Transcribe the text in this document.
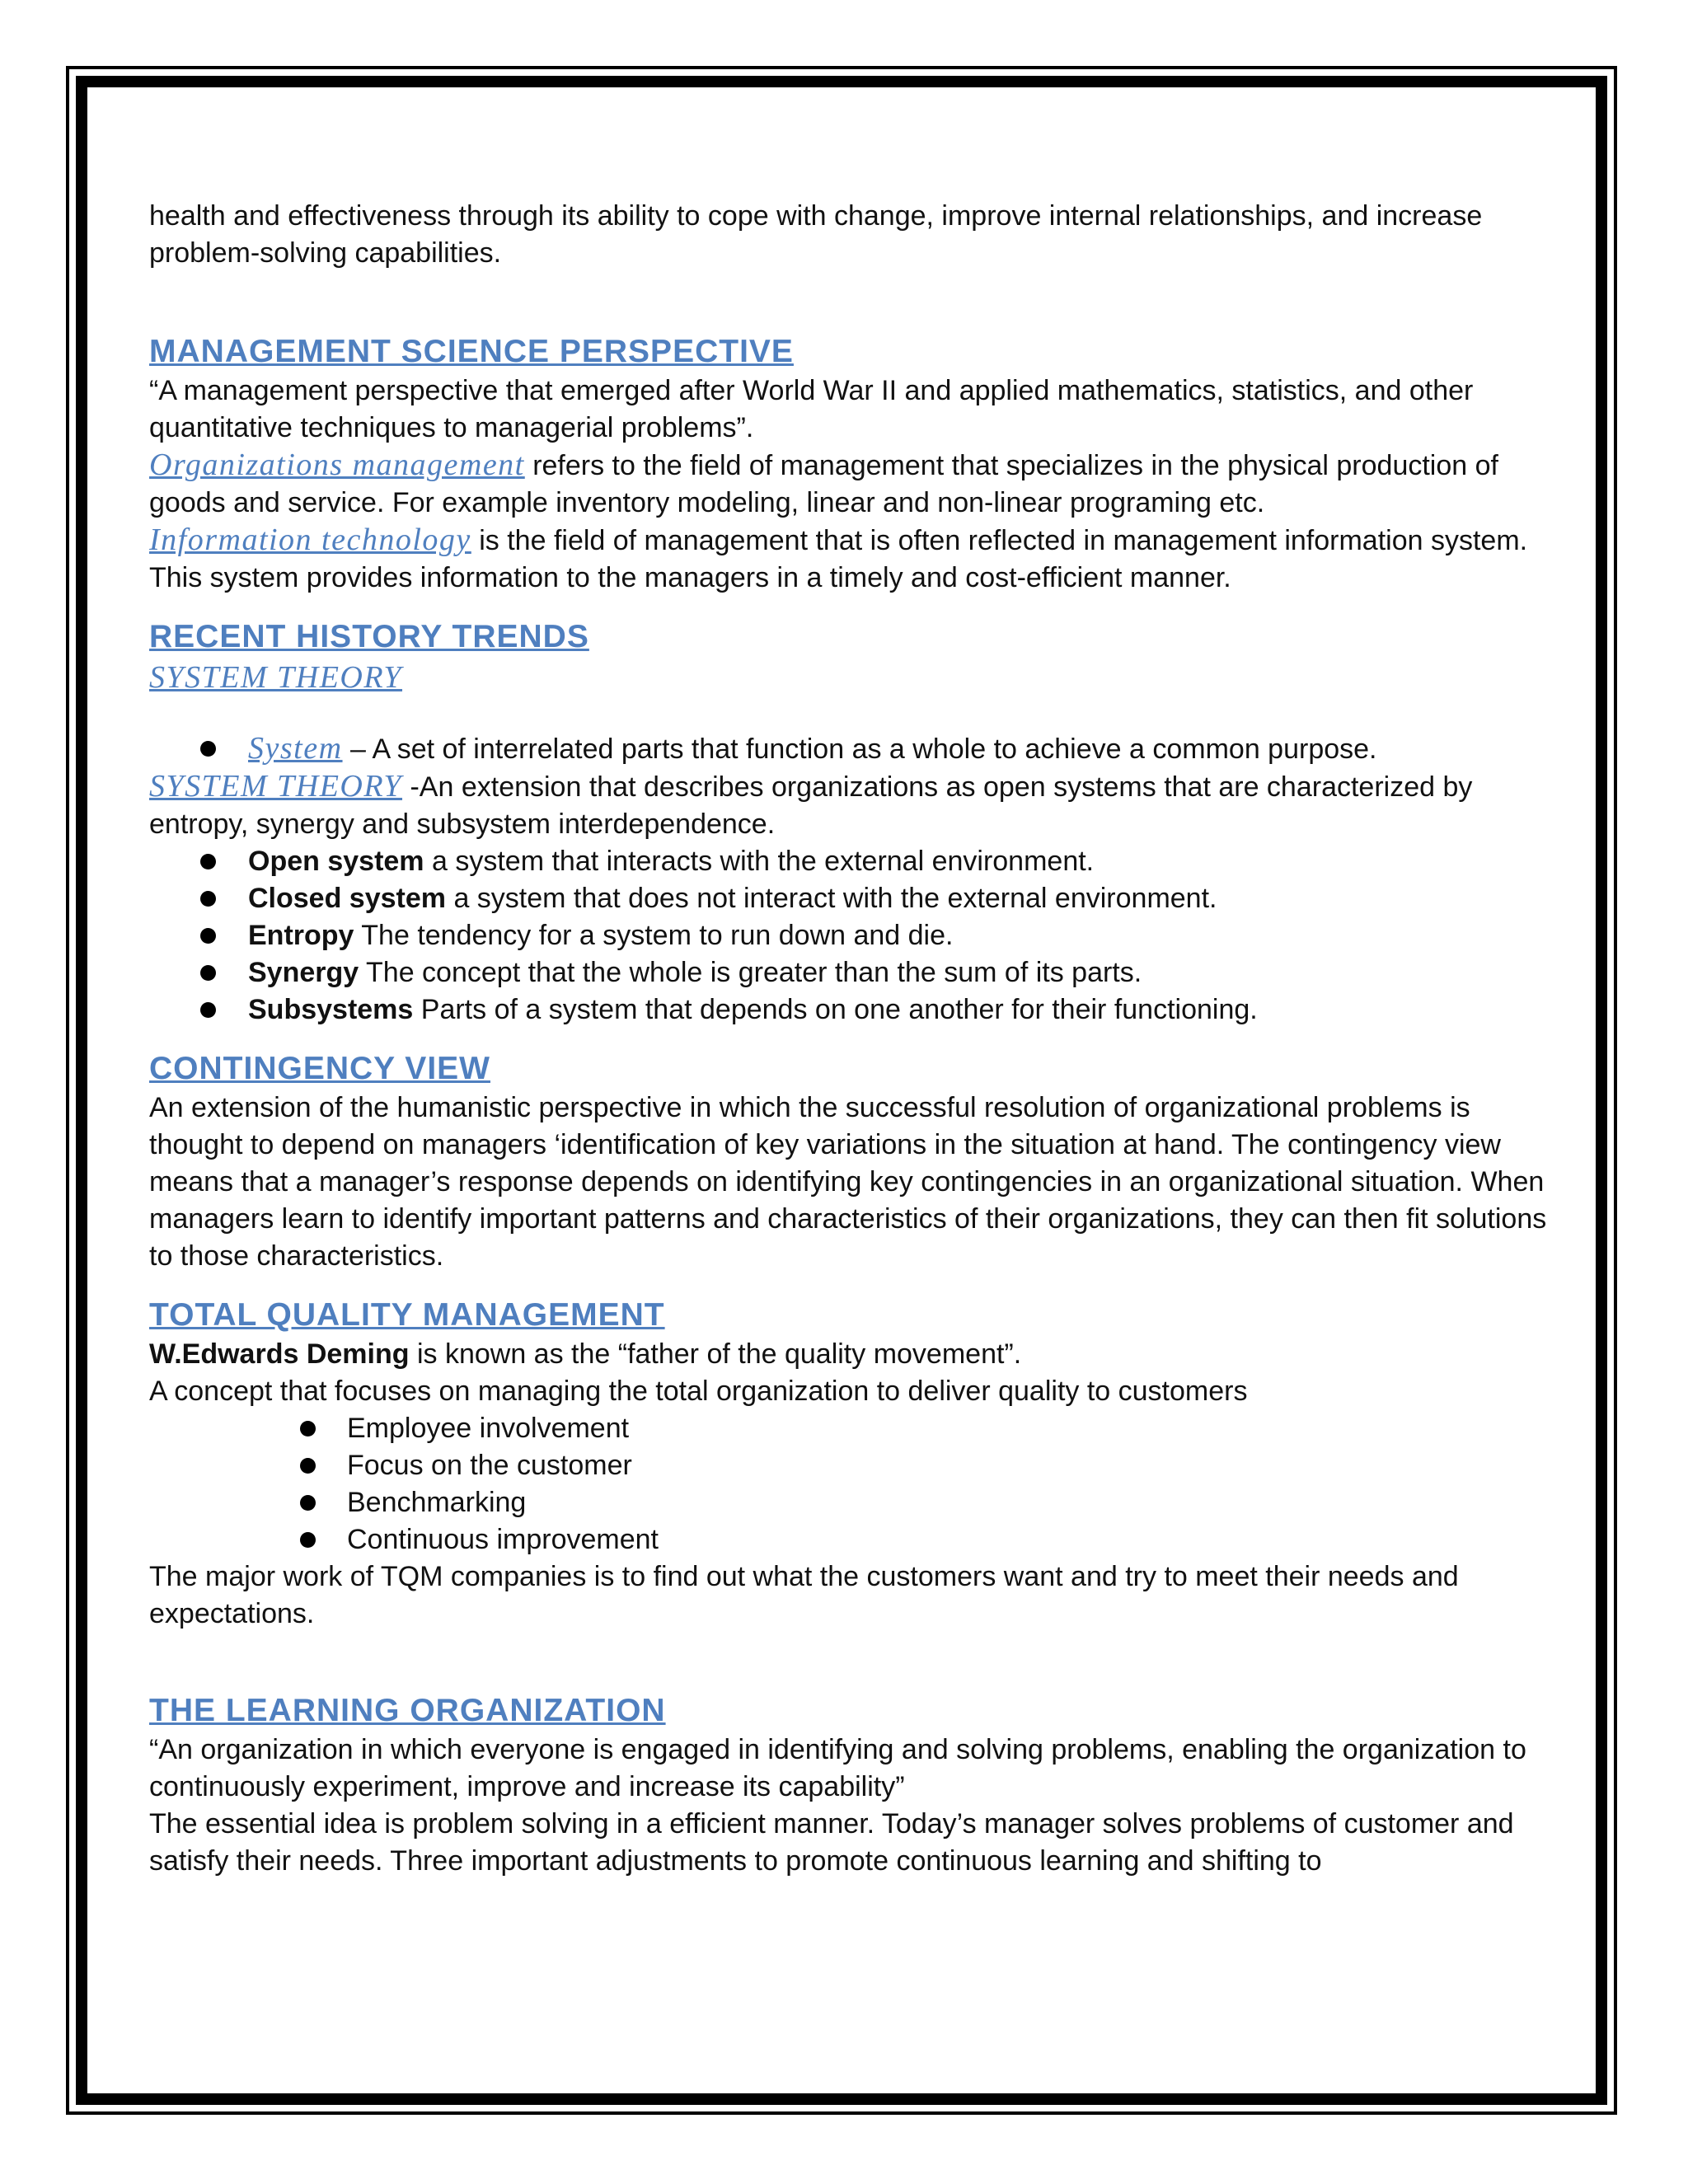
health and effectiveness through its ability to cope with change, improve internal relationships, and increase problem-solving capabilities.

MANAGEMENT SCIENCE PERSPECTIVE

“A management perspective that emerged after World War II and applied mathematics, statistics, and other quantitative techniques to managerial problems”.

Organizations management refers to the field of management that specializes in the physical production of goods and service. For example inventory modeling, linear and non-linear programing etc.

Information technology is the field of management that is often reflected in management information system. This system provides information to the managers in a timely and cost-efficient manner.

RECENT HISTORY TRENDS

SYSTEM THEORY

System – A set of interrelated parts that function as a whole to achieve a common purpose.

SYSTEM THEORY -An extension that describes organizations as open systems that are characterized by entropy, synergy and subsystem interdependence.

Open system a system that interacts with the external environment.
Closed system a system that does not interact with the external environment.
Entropy The tendency for a system to run down and die.
Synergy The concept that the whole is greater than the sum of its parts.
Subsystems Parts of a system that depends on one another for their functioning.

CONTINGENCY VIEW

An extension of the humanistic perspective in which the successful resolution of organizational problems is thought to depend on managers ‘identification of key variations in the situation at hand. The contingency view means that a manager’s response depends on identifying key contingencies in an organizational situation. When managers learn to identify important patterns and characteristics of their organizations, they can then fit solutions to those characteristics.

TOTAL QUALITY MANAGEMENT

W.Edwards Deming is known as the “father of the quality movement”.

A concept that focuses on managing the total organization to deliver quality to customers

Employee involvement
Focus on the customer
Benchmarking
Continuous improvement

The major work of TQM companies is to find out what the customers want and try to meet their needs and expectations.

THE LEARNING ORGANIZATION

“An organization in which everyone is engaged in identifying and solving problems, enabling the organization to continuously experiment, improve and increase its capability”

The essential idea is problem solving in a efficient manner. Today’s manager solves problems of customer and satisfy their needs. Three important adjustments to promote continuous learning and shifting to
